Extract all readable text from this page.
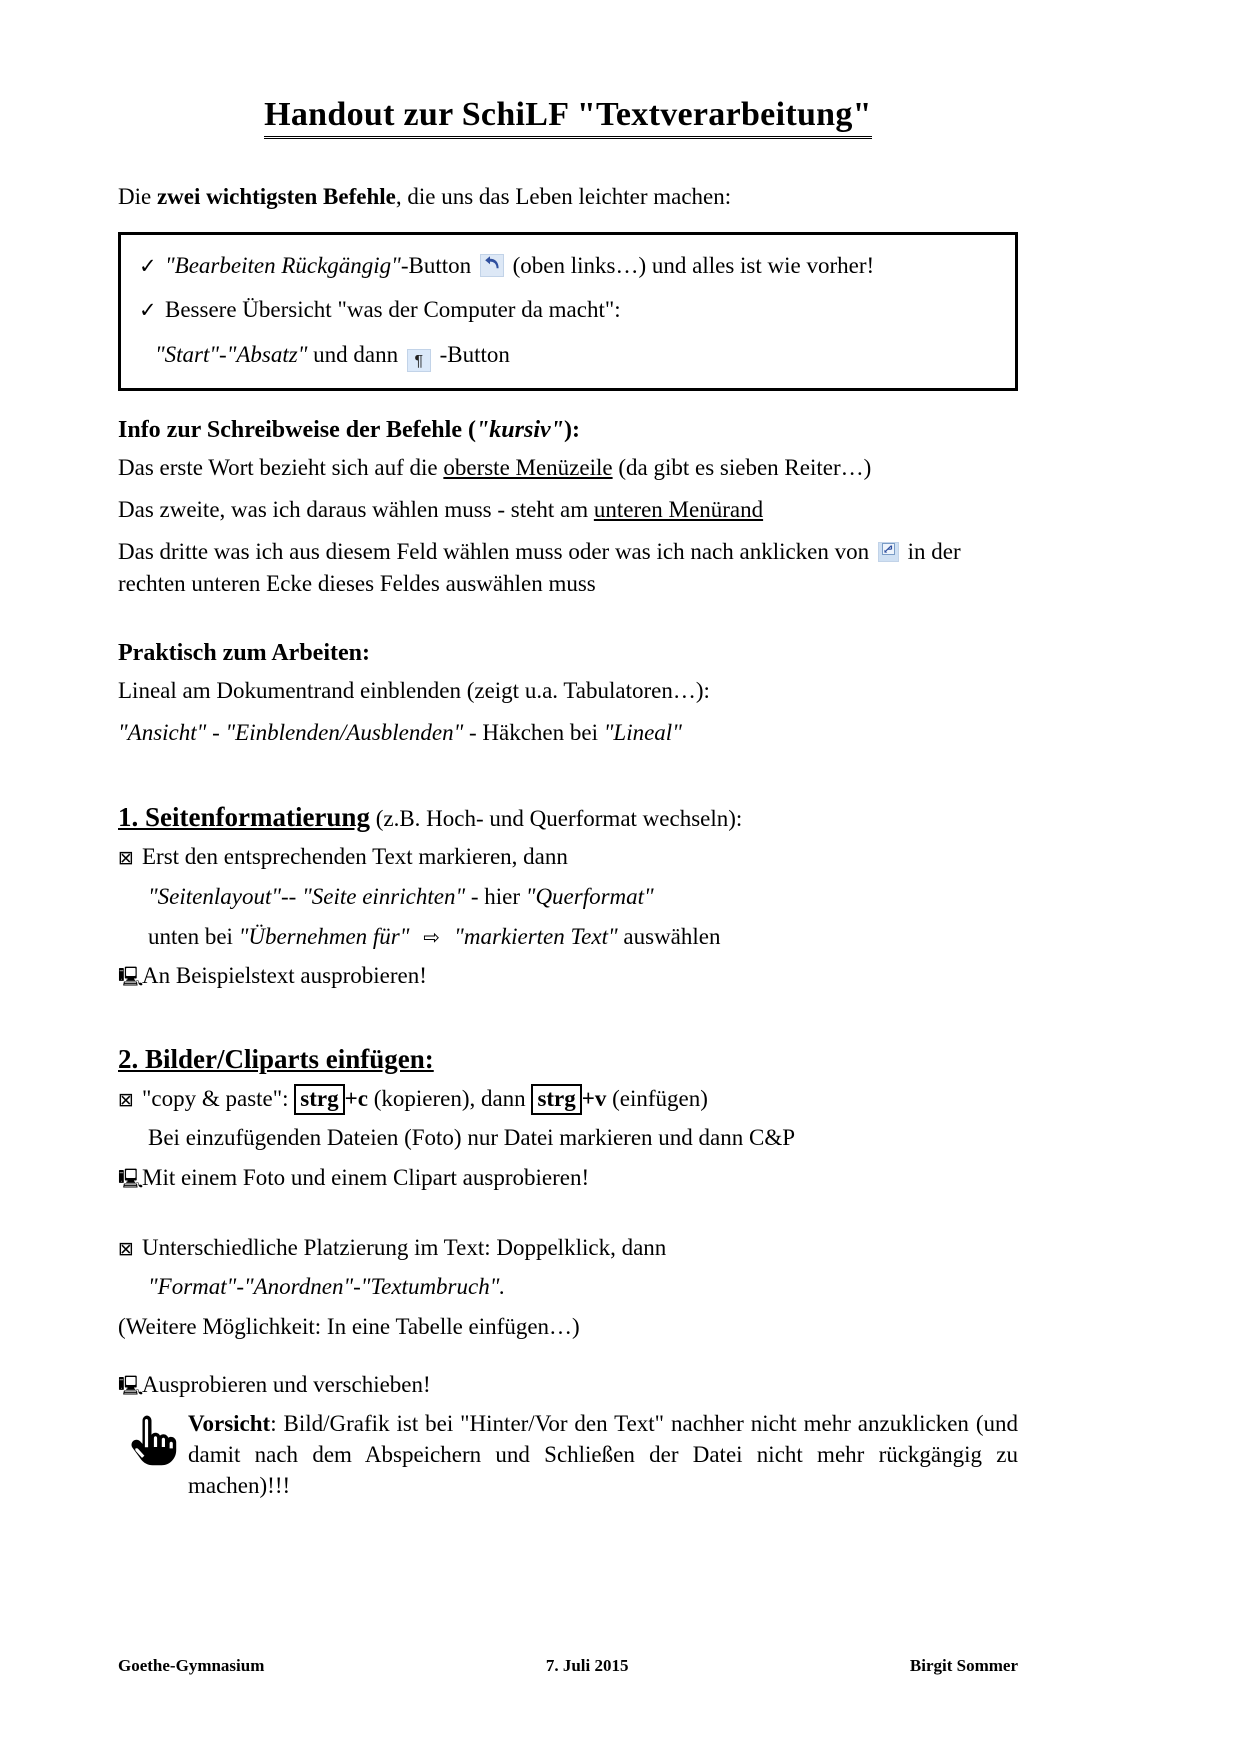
Handout zur SchiLF "Textverarbeitung"

Die zwei wichtigsten Befehle, die uns das Leben leichter machen:

✓ "Bearbeiten Rückgängig"-Button (oben links…) und alles ist wie vorher!
✓ Bessere Übersicht "was der Computer da macht":
"Start"-"Absatz" und dann ¶ -Button
Info zur Schreibweise der Befehle ("kursiv"):

Das erste Wort bezieht sich auf die oberste Menüzeile (da gibt es sieben Reiter…)

Das zweite, was ich daraus wählen muss - steht am unteren Menürand

Das dritte was ich aus diesem Feld wählen muss oder was ich nach anklicken von
in der rechten unteren Ecke dieses Feldes auswählen muss

Praktisch zum Arbeiten:

Lineal am Dokumentrand einblenden (zeigt u.a. Tabulatoren…):

"Ansicht" - "Einblenden/Ausblenden" - Häkchen bei "Lineal"

1. Seitenformatierung (z.B. Hoch- und Querformat wechseln):

⊠ Erst den entsprechenden Text markieren, dann

"Seitenlayout"-- "Seite einrichten" - hier "Querformat"

unten bei "Übernehmen für" ⇨ "markierten Text" auswählen

🖳An Beispielstext ausprobieren!

2. Bilder/Cliparts einfügen:

⊠ "copy & paste": strg +c (kopieren), dann strg +v (einfügen)

Bei einzufügenden Dateien (Foto) nur Datei markieren und dann C&P

🖳Mit einem Foto und einem Clipart ausprobieren!

⊠ Unterschiedliche Platzierung im Text: Doppelklick, dann

"Format"-"Anordnen"-"Textumbruch".

(Weitere Möglichkeit: In eine Tabelle einfügen…)

🖳Ausprobieren und verschieben!

Vorsicht: Bild/Grafik ist bei "Hinter/Vor den Text" nachher nicht mehr anzuklicken (und damit nach dem Abspeichern und Schließen der Datei nicht mehr rückgängig zu machen)!!!
Goethe-Gymnasium	7. Juli 2015	Birgit Sommer
